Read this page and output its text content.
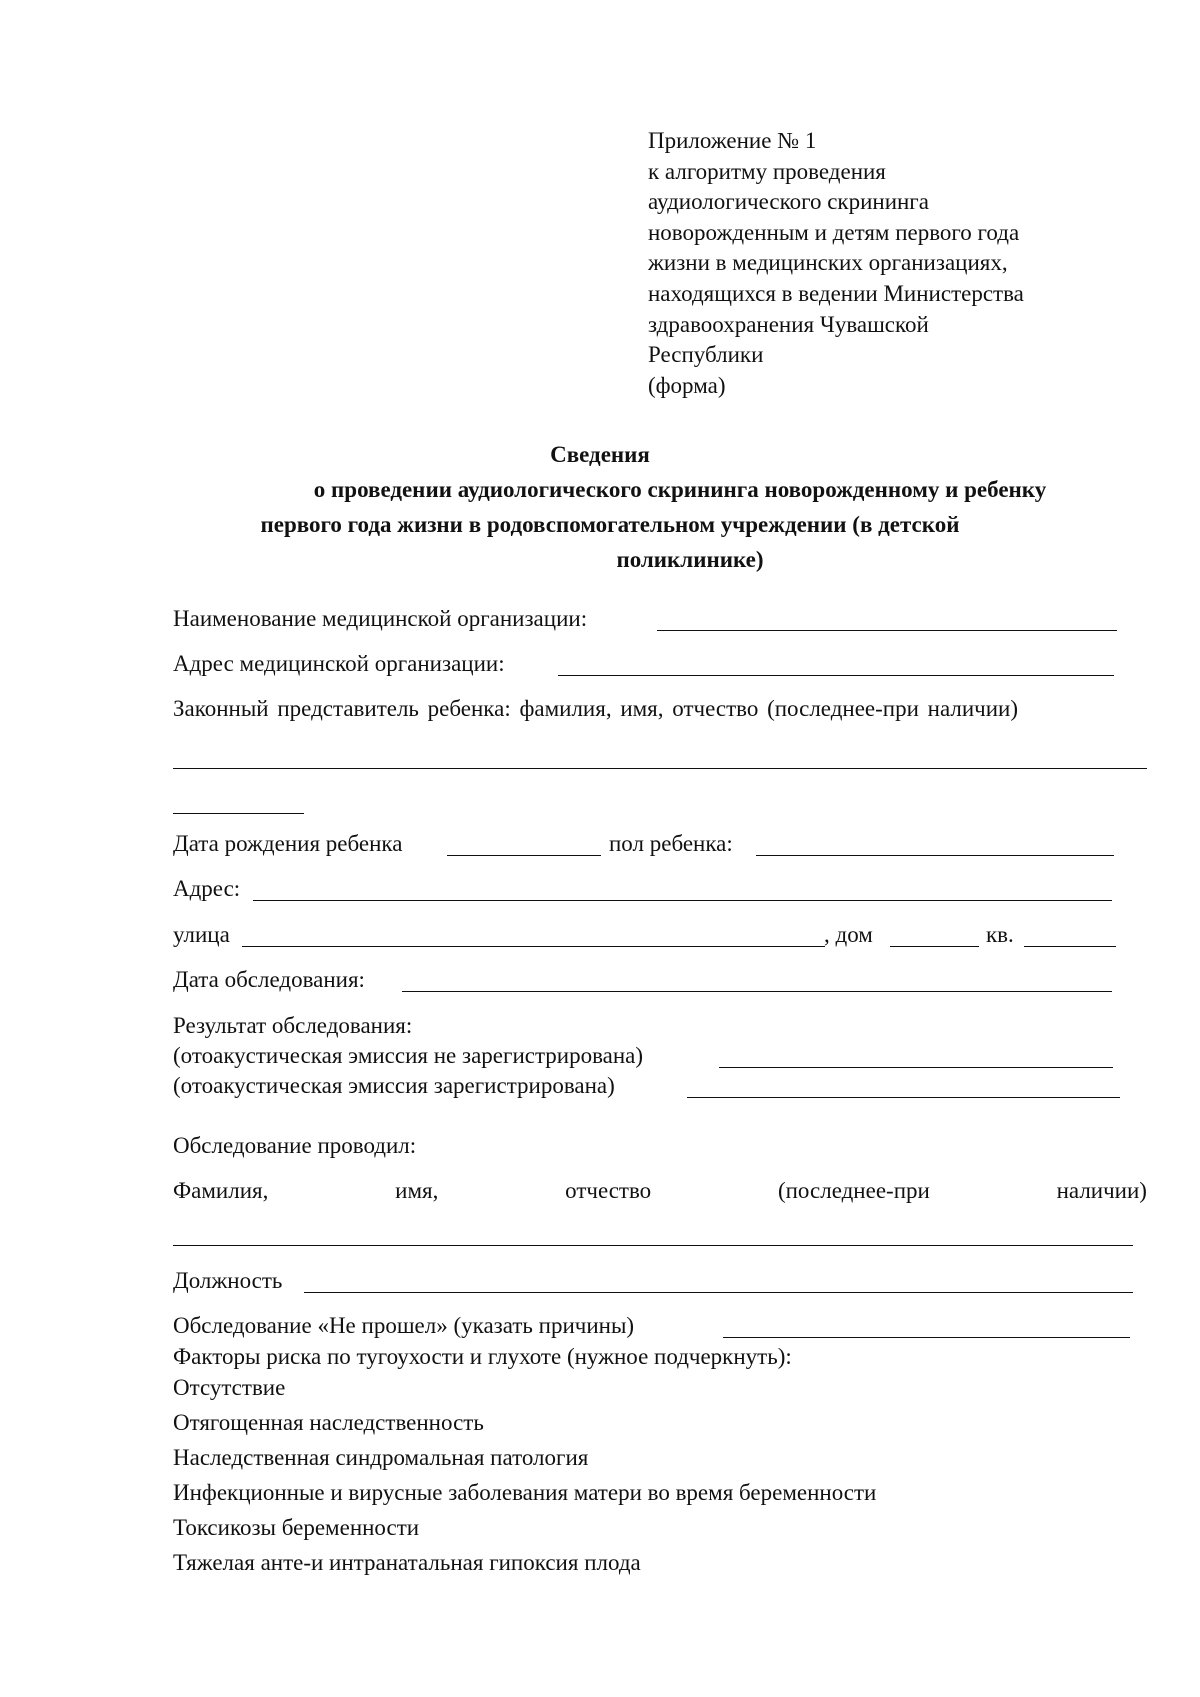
Приложение № 1
к алгоритму проведения
аудиологического скрининга
новорожденным и детям первого года
жизни в медицинских организациях,
находящихся в ведении Министерства
здравоохранения Чувашской
Республики
(форма)
Сведения
о проведении аудиологического скрининга новорожденному и ребенку
первого года жизни в родовспомогательном учреждении (в детской
поликлинике)
Наименование медицинской организации:
Адрес медицинской организации:
Законный представитель ребенка: фамилия, имя, отчество (последнее-при наличии)
Дата рождения ребенка	пол ребенка:
Адрес:
улица	, дом	кв.
Дата обследования:
Результат обследования:
(отоакустическая эмиссия не зарегистрирована)
(отоакустическая эмиссия зарегистрирована)
Обследование проводил:
Фамилия,	имя,	отчество	(последнее-при	наличии)
Должность
Обследование «Не прошел» (указать причины)
Факторы риска по тугоухости и глухоте (нужное подчеркнуть):
Отсутствие
Отягощенная наследственность
Наследственная синдромальная патология
Инфекционные и вирусные заболевания матери во время беременности
Токсикозы беременности
Тяжелая анте-и интранатальная гипоксия плода
